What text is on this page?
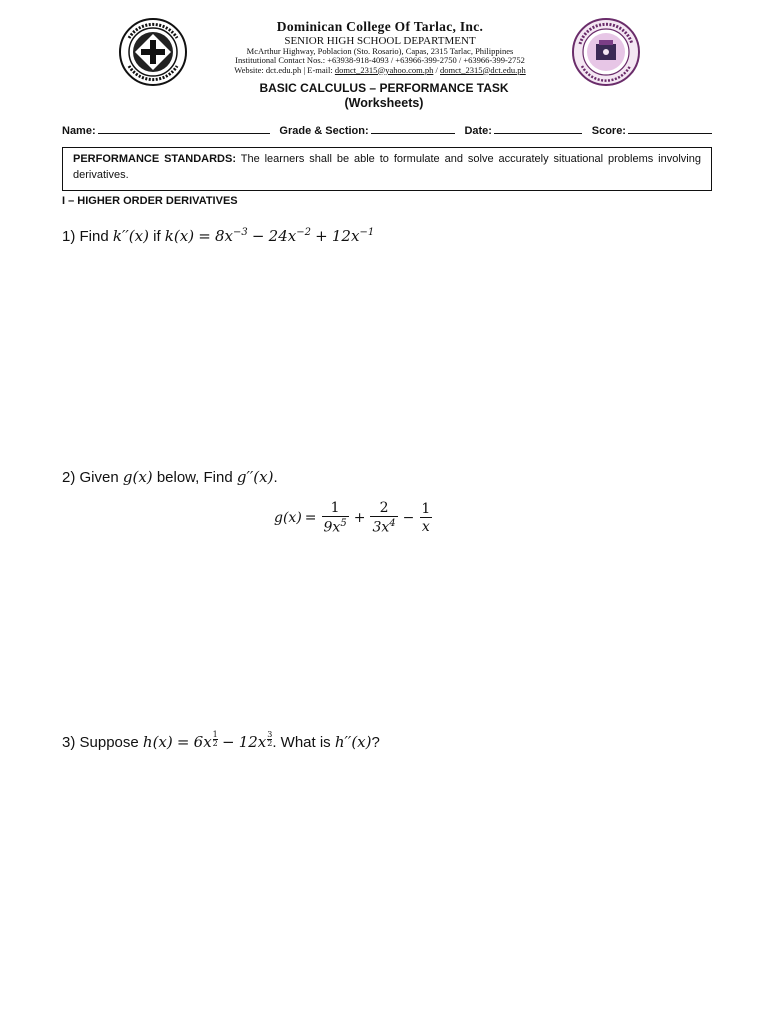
Dominican College Of Tarlac, Inc.
SENIOR HIGH SCHOOL DEPARTMENT
McArthur Highway, Poblacion (Sto. Rosario), Capas, 2315 Tarlac, Philippines
Institutional Contact Nos.: +63938-918-4093 / +63966-399-2750 / +63966-399-2752
Website: dct.edu.ph | E-mail: domct_2315@yahoo.com.ph / domct_2315@dct.edu.ph
BASIC CALCULUS – PERFORMANCE TASK
(Worksheets)
Name:	Grade & Section:	Date:	Score:
PERFORMANCE STANDARDS: The learners shall be able to formulate and solve accurately situational problems involving derivatives.
I – HIGHER ORDER DERIVATIVES
1) Find k′′(x) if $k(x) = 8x^{-3} - 24x^{-2} + 12x^{-1}$
2) Given g(x) below, Find g′′(x).
$g(x) = \frac{1}{9x^5} + \frac{2}{3x^4} - \frac{1}{x}$
3) Suppose $h(x) = 6x \frac{1}{2} - 12x \frac{3}{2}$ . What is h′′(x)?
